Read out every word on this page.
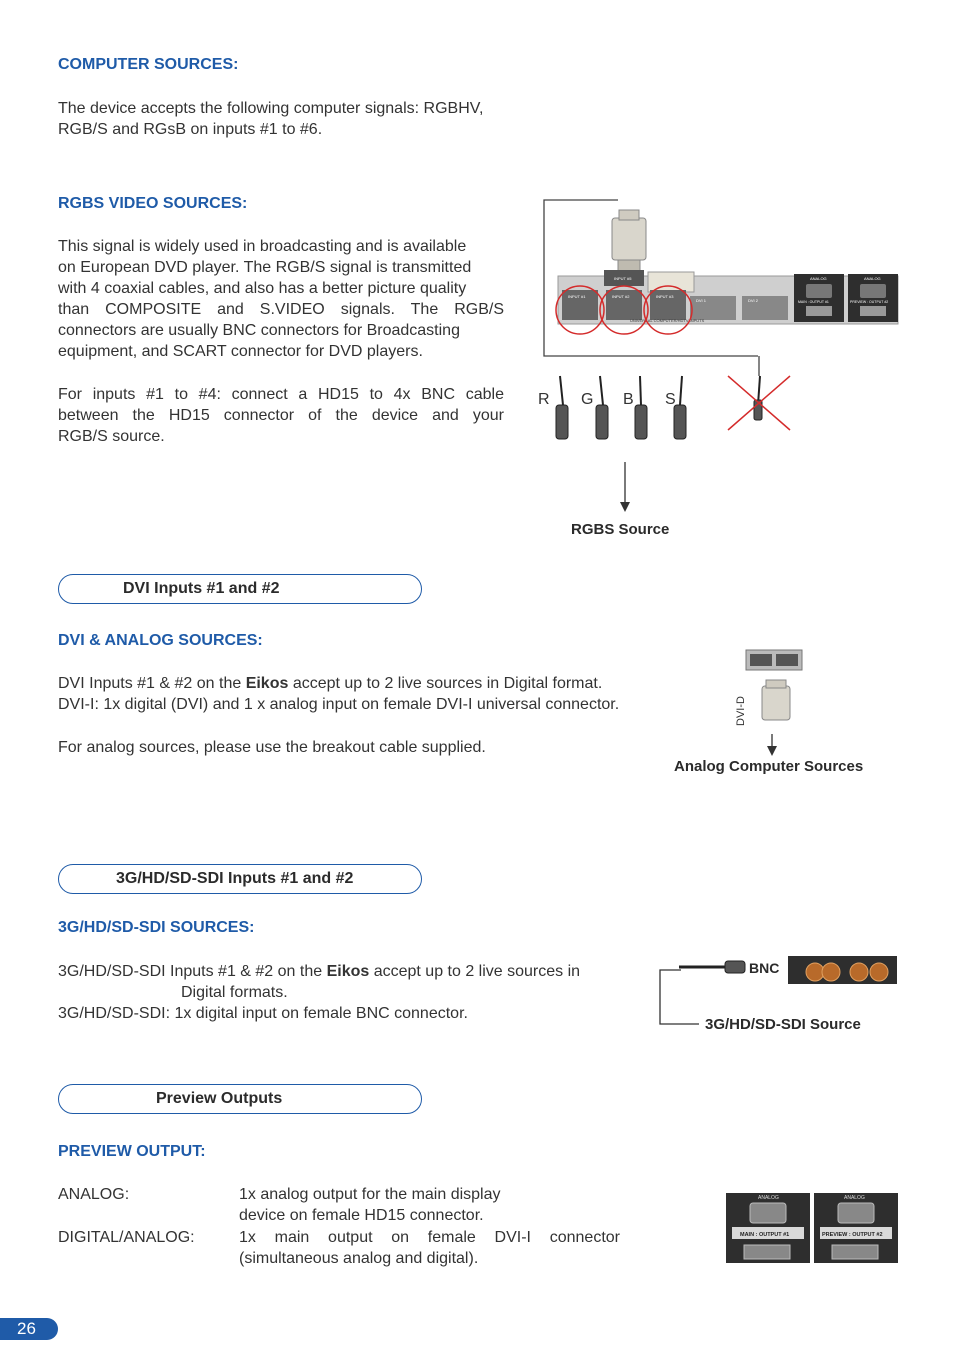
COMPUTER SOURCES:
The device accepts the following computer signals: RGBHV,
RGB/S and RGsB on inputs #1 to #6.
RGBS VIDEO SOURCES:
This signal is widely used in broadcasting and is available
on European DVD player. The RGB/S signal is transmitted
with 4 coaxial cables, and also has a better picture quality
than COMPOSITE and S.VIDEO signals. The RGB/S
connectors are usually BNC connectors for Broadcasting
equipment, and SCART connector for DVD players.
For inputs #1 to #4: connect a HD15 to 4x BNC cable
between the HD15 connector of the device and your
RGB/S source.
INPUT #5
INPUT #1	INPUT #3
INPUT #2
DVI 1	DVI 2
ANALOG	ANALOG
MAIN : OUTPUT #1	PREVIEW : OUTPUT #2
UNIVERSAL COMPUTER/HDTV INPUTS
R G B S
RGBS Source
DVI Inputs #1 and #2
DVI & ANALOG SOURCES:
DVI Inputs #1 & #2 on the Eikos accept up to 2 live sources in Digital format.
DVI-I: 1x digital (DVI) and 1 x analog input on female DVI-I universal connector.
For analog sources, please use the breakout cable supplied.
DVI-D
Analog Computer Sources
3G/HD/SD-SDI Inputs #1 and #2
3G/HD/SD-SDI SOURCES:
3G/HD/SD-SDI Inputs #1 & #2 on the Eikos accept up to 2 live sources in
Digital formats.
3G/HD/SD-SDI: 1x digital input on female BNC connector.
BNC
3G/HD/SD-SDI Source
Preview Outputs
PREVIEW OUTPUT:
ANALOG:	1x analog output for the main display
device on female HD15 connector.
DIGITAL/ANALOG:	1x main output on female DVI-I connector
(simultaneous analog and digital).
ANALOG	ANALOG
MAIN : OUTPUT #1	PREVIEW : OUTPUT #2
26
